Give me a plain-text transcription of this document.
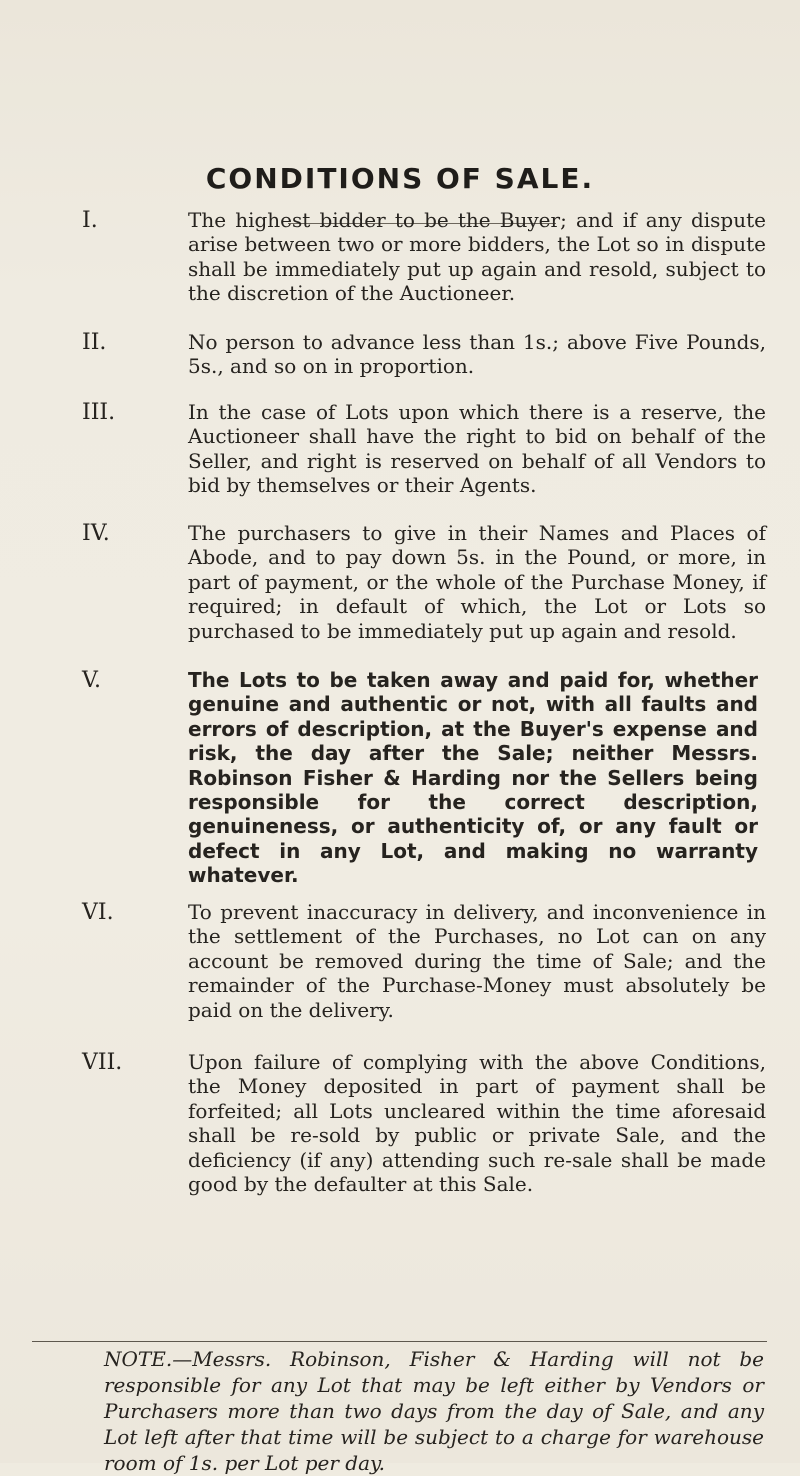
CONDITIONS OF SALE.
I.	The highest bidder to be the Buyer; and if any dispute arise between two or more bidders, the Lot so in dispute shall be immediately put up again and resold, subject to the discretion of the Auctioneer.
II.	No person to advance less than 1s.; above Five Pounds, 5s., and so on in proportion.
III.	In the case of Lots upon which there is a reserve, the Auctioneer shall have the right to bid on behalf of the Seller, and right is reserved on behalf of all Vendors to bid by themselves or their Agents.
IV.	The purchasers to give in their Names and Places of Abode, and to pay down 5s. in the Pound, or more, in part of payment, or the whole of the Purchase Money, if required; in default of which, the Lot or Lots so purchased to be immediately put up again and resold.
V.	The Lots to be taken away and paid for, whether genuine and authentic or not, with all faults and errors of description, at the Buyer's expense and risk, the day after the Sale; neither Messrs. Robinson Fisher & Harding nor the Sellers being responsible for the correct description, genuineness, or authenticity of, or any fault or defect in any Lot, and making no warranty whatever.
VI.	To prevent inaccuracy in delivery, and inconvenience in the settlement of the Purchases, no Lot can on any account be removed during the time of Sale; and the remainder of the Purchase-Money must absolutely be paid on the delivery.
VII.	Upon failure of complying with the above Conditions, the Money deposited in part of payment shall be forfeited; all Lots uncleared within the time aforesaid shall be re-sold by public or private Sale, and the deficiency (if any) attending such re-sale shall be made good by the defaulter at this Sale.
NOTE.—Messrs. Robinson, Fisher & Harding will not be responsible for any Lot that may be left either by Vendors or Purchasers more than two days from the day of Sale, and any Lot left after that time will be subject to a charge for warehouse room of 1s. per Lot per day.
